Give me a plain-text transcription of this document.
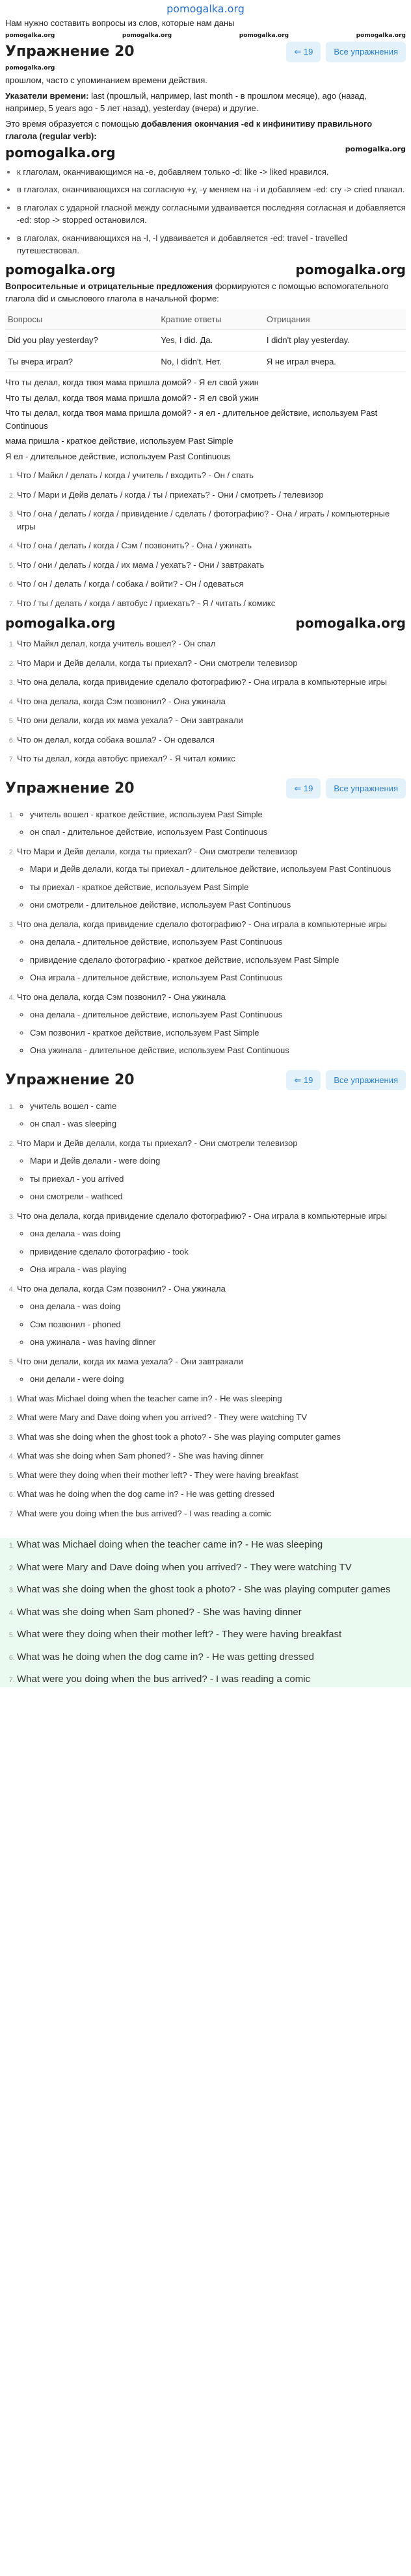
pomogalka.org

Нам нужно составить вопросы из слов, которые нам даны

pomogalka.org	pomogalka.org	pomogalka.org	pomogalka.org
Упражнение 20	⇐ 19	Все упражнения
pomogalka.org

прошлом, часто с упоминанием времени действия.

Указатели времени: last (прошлый, например, last month - в прошлом месяце), ago (назад, например, 5 years ago - 5 лет назад), yesterday (вчера) и другие.

Это время образуется с помощью добавления окончания -ed к инфинитиву правильного глагола (regular verb):

pomogalka.org	pomogalka.org
• к глаголам, оканчивающимся на -е, добавляем только -d: like -> liked нравился.
• в глаголах, оканчивающихся на согласную +у, -у меняем на -i и добавляем -ed: cry -> cried плакал.
• в глаголах с ударной гласной между согласными удваивается последняя согласная и добавляется -ed: stop -> stopped остановился.
• в глаголах, оканчивающихся на -l, -l удваивается и добавляется -ed: travel - travelled путешествовал.
pomogalka.org	pomogalka.org

Вопросительные и отрицательные предложения формируются с помощью вспомогательного глагола did и смыслового глагола в начальной форме:

Вопросы	Краткие ответы	Отрицания
Did you play yesterday?	Yes, I did. Да.	I didn't play yesterday.
Ты вчера играл?	No, I didn't. Нет.	Я не играл вчера.

Что ты делал, когда твоя мама пришла домой? - Я ел свой ужин

Что ты делал, когда твоя мама пришла домой? - Я ел свой ужин

Что ты делал, когда твоя мама пришла домой? - я ел - длительное действие, используем Past Continuous

мама пришла - краткое действие, используем Past Simple

Я ел - длительное действие, используем Past Continuous

1. Что / Майкл / делать / когда / учитель / входить? - Он / спать
2. Что / Мари и Дейв делать / когда / ты / приехать? - Они / смотреть / телевизор
3. Что / она / делать / когда / привидение / сделать / фотографию? - Она / играть / компьютерные игры
4. Что / она / делать / когда / Сэм / позвонить? - Она / ужинать
5. Что / они / делать / когда / их мама / уехать? - Они / завтракать
6. Что / он / делать / когда / собака / войти? - Он / одеваться
7. Что / ты / делать / когда / автобус / приехать? - Я / читать / комикс
pomogalka.org	pomogalka.org
1. Что Майкл делал, когда учитель вошел? - Он спал
2. Что Мари и Дейв делали, когда ты приехал? - Они смотрели телевизор
3. Что она делала, когда привидение сделало фотографию? - Она играла в компьютерные игры
4. Что она делала, когда Сэм позвонил? - Она ужинала
5. Что они делали, когда их мама уехала? - Они завтракали
6. Что он делал, когда собака вошла? - Он одевался
7. Что ты делал, когда автобус приехал? - Я читал комикс
Упражнение 20	⇐ 19	Все упражнения
◦ 1. учитель вошел - краткое действие, используем Past Simple
◦ он спал - длительное действие, используем Past Continuous
2. Что Мари и Дейв делали, когда ты приехал? - Они смотрели телевизор
◦ Мари и Дейв делали, когда ты приехал - длительное действие, используем Past Continuous
◦ ты приехал - краткое действие, используем Past Simple
◦ они смотрели - длительное действие, используем Past Continuous
3. Что она делала, когда привидение сделало фотографию? - Она играла в компьютерные игры
◦ она делала - длительное действие, используем Past Continuous
◦ привидение сделало фотографию - краткое действие, используем Past Simple
◦ Она играла - длительное действие, используем Past Continuous
4. Что она делала, когда Сэм позвонил? - Она ужинала
◦ она делала - длительное действие, используем Past Continuous
◦ Сэм позвонил - краткое действие, используем Past Simple
◦ Она ужинала - длительное действие, используем Past Continuous
Упражнение 20	⇐ 19	Все упражнения
◦ 1. учитель вошел - came
◦ он спал - was sleeping
2. Что Мари и Дейв делали, когда ты приехал? - Они смотрели телевизор
◦ Мари и Дейв делали - were doing
◦ ты приехал - you arrived
◦ они смотрели - wathced
3. Что она делала, когда привидение сделало фотографию? - Она играла в компьютерные игры
◦ она делала - was doing
◦ привидение сделало фотографию - took
◦ Она играла - was playing
4. Что она делала, когда Сэм позвонил? - Она ужинала
◦ она делала - was doing
◦ Сэм позвонил - phoned
◦ она ужинала - was having dinner
5. Что они делали, когда их мама уехала? - Они завтракали
◦ они делали - were doing
1. What was Michael doing when the teacher came in? - He was sleeping
2. What were Mary and Dave doing when you arrived? - They were watching TV
3. What was she doing when the ghost took a photo? - She was playing computer games
4. What was she doing when Sam phoned? - She was having dinner
5. What were they doing when their mother left? - They were having breakfast
6. What was he doing when the dog came in? - He was getting dressed
7. What were you doing when the bus arrived? - I was reading a comic
1. What was Michael doing when the teacher came in? - He was sleeping
2. What were Mary and Dave doing when you arrived? - They were watching TV
3. What was she doing when the ghost took a photo? - She was playing computer games
4. What was she doing when Sam phoned? - She was having dinner
5. What were they doing when their mother left? - They were having breakfast
6. What was he doing when the dog came in? - He was getting dressed
7. What were you doing when the bus arrived? - I was reading a comic
